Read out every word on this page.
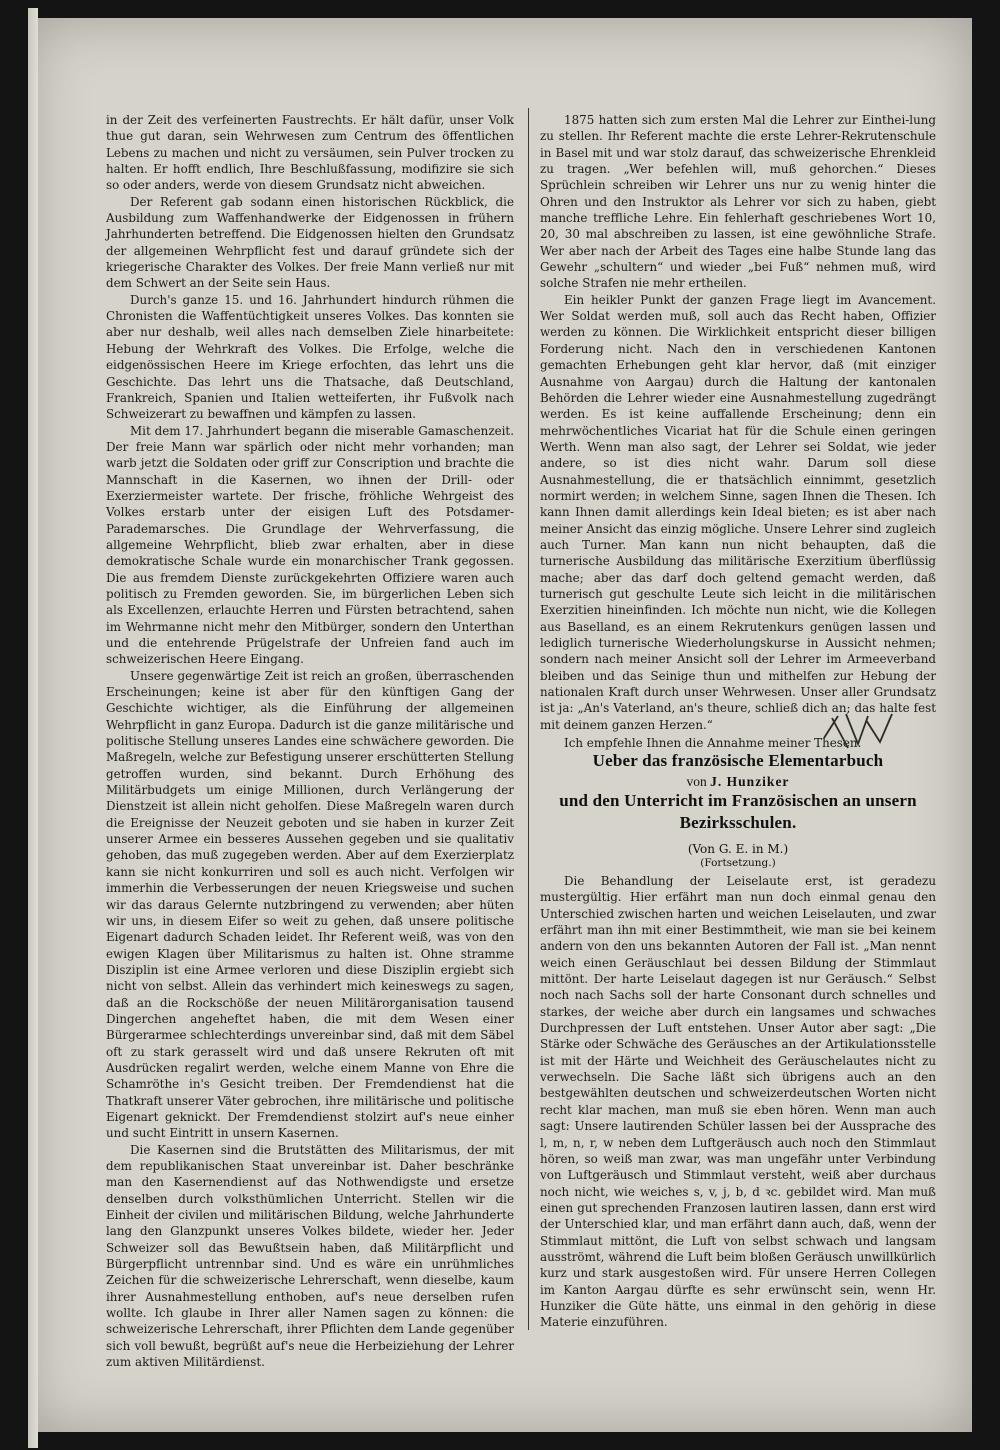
in der Zeit des verfeinerten Faustrechts. Er hält dafür, unser Volk thue gut daran, sein Wehrwesen zum Centrum des öffentlichen Lebens zu machen und nicht zu versäumen, sein Pulver trocken zu halten. Er hofft endlich, Ihre Beschlußfassung, modifizire sie sich so oder anders, werde von diesem Grundsatz nicht abweichen.

Der Referent gab sodann einen historischen Rückblick, die Ausbildung zum Waffenhandwerke der Eidgenossen in frühern Jahrhunderten betreffend. Die Eidgenossen hielten den Grundsatz der allgemeinen Wehrpflicht fest und darauf gründete sich der kriegerische Charakter des Volkes. Der freie Mann verließ nur mit dem Schwert an der Seite sein Haus.

Durch's ganze 15. und 16. Jahrhundert hindurch rühmen die Chronisten die Waffentüchtigkeit unseres Volkes. Das konnten sie aber nur deshalb, weil alles nach demselben Ziele hinarbeitete: Hebung der Wehrkraft des Volkes. Die Erfolge, welche die eidgenössischen Heere im Kriege erfochten, das lehrt uns die Geschichte. Das lehrt uns die Thatsache, daß Deutschland, Frankreich, Spanien und Italien wetteiferten, ihr Fußvolk nach Schweizerart zu bewaffnen und kämpfen zu lassen.

Mit dem 17. Jahrhundert begann die miserable Gamaschenzeit. Der freie Mann war spärlich oder nicht mehr vorhanden; man warb jetzt die Soldaten oder griff zur Conscription und brachte die Mannschaft in die Kasernen, wo ihnen der Drill- oder Exerziermeister wartete. Der frische, fröhliche Wehrgeist des Volkes erstarb unter der eisigen Luft des Potsdamer-Parademarsches. Die Grundlage der Wehrverfassung, die allgemeine Wehrpflicht, blieb zwar erhalten, aber in diese demokratische Schale wurde ein monarchischer Trank gegossen. Die aus fremdem Dienste zurückgekehrten Offiziere waren auch politisch zu Fremden geworden. Sie, im bürgerlichen Leben sich als Excellenzen, erlauchte Herren und Fürsten betrachtend, sahen im Wehrmanne nicht mehr den Mitbürger, sondern den Unterthan und die entehrende Prügelstrafe der Unfreien fand auch im schweizerischen Heere Eingang.

Unsere gegenwärtige Zeit ist reich an großen, überraschenden Erscheinungen; keine ist aber für den künftigen Gang der Geschichte wichtiger, als die Einführung der allgemeinen Wehrpflicht in ganz Europa. Dadurch ist die ganze militärische und politische Stellung unseres Landes eine schwächere geworden. Die Maßregeln, welche zur Befestigung unserer erschütterten Stellung getroffen wurden, sind bekannt. Durch Erhöhung des Militärbudgets um einige Millionen, durch Verlängerung der Dienstzeit ist allein nicht geholfen. Diese Maßregeln waren durch die Ereignisse der Neuzeit geboten und sie haben in kurzer Zeit unserer Armee ein besseres Aussehen gegeben und sie qualitativ gehoben, das muß zugegeben werden. Aber auf dem Exerzierplatz kann sie nicht konkurriren und soll es auch nicht. Verfolgen wir immerhin die Verbesserungen der neuen Kriegsweise und suchen wir das daraus Gelernte nutzbringend zu verwenden; aber hüten wir uns, in diesem Eifer so weit zu gehen, daß unsere politische Eigenart dadurch Schaden leidet. Ihr Referent weiß, was von den ewigen Klagen über Militarismus zu halten ist. Ohne stramme Disziplin ist eine Armee verloren und diese Disziplin ergiebt sich nicht von selbst. Allein das verhindert mich keineswegs zu sagen, daß an die Rockschöße der neuen Militärorganisation tausend Dingerchen angeheftet haben, die mit dem Wesen einer Bürgerarmee schlechterdings unvereinbar sind, daß mit dem Säbel oft zu stark gerasselt wird und daß unsere Rekruten oft mit Ausdrücken regalirt werden, welche einem Manne von Ehre die Schamröthe in's Gesicht treiben. Der Fremdendienst hat die Thatkraft unserer Väter gebrochen, ihre militärische und politische Eigenart geknickt. Der Fremdendienst stolzirt auf's neue einher und sucht Eintritt in unsern Kasernen.

Die Kasernen sind die Brutstätten des Militarismus, der mit dem republikanischen Staat unvereinbar ist. Daher beschränke man den Kasernendienst auf das Nothwendigste und ersetze denselben durch volksthümlichen Unterricht. Stellen wir die Einheit der civilen und militärischen Bildung, welche Jahrhunderte lang den Glanzpunkt unseres Volkes bildete, wieder her. Jeder Schweizer soll das Bewußtsein haben, daß Militärpflicht und Bürgerpflicht untrennbar sind. Und es wäre ein unrühmliches Zeichen für die schweizerische Lehrerschaft, wenn dieselbe, kaum ihrer Ausnahmestellung enthoben, auf's neue derselben rufen wollte. Ich glaube in Ihrer aller Namen sagen zu können: die schweizerische Lehrerschaft, ihrer Pflichten dem Lande gegenüber sich voll bewußt, begrüßt auf's neue die Herbeiziehung der Lehrer zum aktiven Militärdienst.

1875 hatten sich zum ersten Mal die Lehrer zur Einthei-lung zu stellen. Ihr Referent machte die erste Lehrer-Rekrutenschule in Basel mit und war stolz darauf, das schweizerische Ehrenkleid zu tragen. „Wer befehlen will, muß gehorchen.“ Dieses Sprüchlein schreiben wir Lehrer uns nur zu wenig hinter die Ohren und den Instruktor als Lehrer vor sich zu haben, giebt manche treffliche Lehre. Ein fehlerhaft geschriebenes Wort 10, 20, 30 mal abschreiben zu lassen, ist eine gewöhnliche Strafe. Wer aber nach der Arbeit des Tages eine halbe Stunde lang das Gewehr „schultern“ und wieder „bei Fuß“ nehmen muß, wird solche Strafen nie mehr ertheilen.

Ein heikler Punkt der ganzen Frage liegt im Avancement. Wer Soldat werden muß, soll auch das Recht haben, Offizier werden zu können. Die Wirklichkeit entspricht dieser billigen Forderung nicht. Nach den in verschiedenen Kantonen gemachten Erhebungen geht klar hervor, daß (mit einziger Ausnahme von Aargau) durch die Haltung der kantonalen Behörden die Lehrer wieder eine Ausnahmestellung zugedrängt werden. Es ist keine auffallende Erscheinung; denn ein mehrwöchentliches Vicariat hat für die Schule einen geringen Werth. Wenn man also sagt, der Lehrer sei Soldat, wie jeder andere, so ist dies nicht wahr. Darum soll diese Ausnahmestellung, die er thatsächlich einnimmt, gesetzlich normirt werden; in welchem Sinne, sagen Ihnen die Thesen. Ich kann Ihnen damit allerdings kein Ideal bieten; es ist aber nach meiner Ansicht das einzig mögliche. Unsere Lehrer sind zugleich auch Turner. Man kann nun nicht behaupten, daß die turnerische Ausbildung das militärische Exerzitium überflüssig mache; aber das darf doch geltend gemacht werden, daß turnerisch gut geschulte Leute sich leicht in die militärischen Exerzitien hineinfinden. Ich möchte nun nicht, wie die Kollegen aus Baselland, es an einem Rekrutenkurs genügen lassen und lediglich turnerische Wiederholungskurse in Aussicht nehmen; sondern nach meiner Ansicht soll der Lehrer im Armeeverband bleiben und das Seinige thun und mithelfen zur Hebung der nationalen Kraft durch unser Wehrwesen. Unser aller Grundsatz ist ja: „An's Vaterland, an's theure, schließ dich an; das halte fest mit deinem ganzen Herzen.“

Ich empfehle Ihnen die Annahme meiner Thesen.

Ueber das französische Elementarbuch
von J. Hunziker
und den Unterricht im Französischen an unsern Bezirksschulen.
(Von G. E. in M.)
(Fortsetzung.)

Die Behandlung der Leiselaute erst, ist geradezu mustergültig. Hier erfährt man nun doch einmal genau den Unterschied zwischen harten und weichen Leiselauten, und zwar erfährt man ihn mit einer Bestimmtheit, wie man sie bei keinem andern von den uns bekannten Autoren der Fall ist. „Man nennt weich einen Geräuschlaut bei dessen Bildung der Stimmlaut mittönt. Der harte Leiselaut dagegen ist nur Geräusch.“ Selbst noch nach Sachs soll der harte Consonant durch schnelles und starkes, der weiche aber durch ein langsames und schwaches Durchpressen der Luft entstehen. Unser Autor aber sagt: „Die Stärke oder Schwäche des Geräusches an der Artikulationsstelle ist mit der Härte und Weichheit des Geräuschelautes nicht zu verwechseln. Die Sache läßt sich übrigens auch an den bestgewählten deutschen und schweizerdeutschen Worten nicht recht klar machen, man muß sie eben hören. Wenn man auch sagt: Unsere lautirenden Schüler lassen bei der Aussprache des l, m, n, r, w neben dem Luftgeräusch auch noch den Stimmlaut hören, so weiß man zwar, was man ungefähr unter Verbindung von Luftgeräusch und Stimmlaut versteht, weiß aber durchaus noch nicht, wie weiches s, v, j, b, d ꝛc. gebildet wird. Man muß einen gut sprechenden Franzosen lautiren lassen, dann erst wird der Unterschied klar, und man erfährt dann auch, daß, wenn der Stimmlaut mittönt, die Luft von selbst schwach und langsam ausströmt, während die Luft beim bloßen Geräusch unwillkürlich kurz und stark ausgestoßen wird. Für unsere Herren Collegen im Kanton Aargau dürfte es sehr erwünscht sein, wenn Hr. Hunziker die Güte hätte, uns einmal in den gehörig in diese Materie einzuführen.
